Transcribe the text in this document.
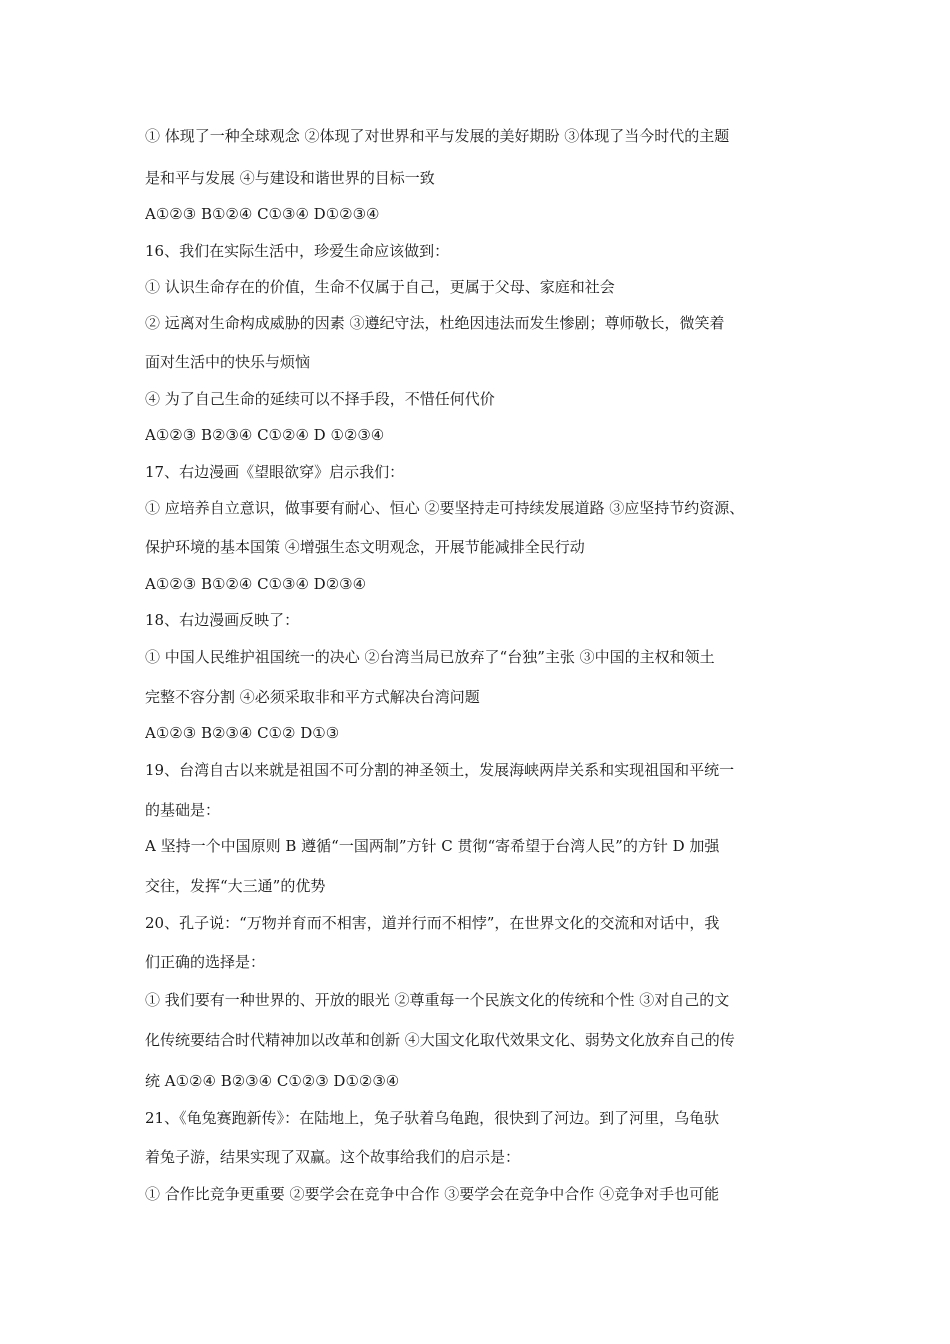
① 体现了一种全球观念 ②体现了对世界和平与发展的美好期盼 ③体现了当今时代的主题
是和平与发展 ④与建设和谐世界的目标一致
A①②③ B①②④ C①③④ D①②③④
16、我们在实际生活中，珍爱生命应该做到：
① 认识生命存在的价值，生命不仅属于自己，更属于父母、家庭和社会
② 远离对生命构成威胁的因素 ③遵纪守法，杜绝因违法而发生惨剧；尊师敬长，微笑着
面对生活中的快乐与烦恼
④ 为了自己生命的延续可以不择手段，不惜任何代价
A①②③ B②③④ C①②④ D ①②③④
17、右边漫画《望眼欲穿》启示我们：
① 应培养自立意识，做事要有耐心、恒心 ②要坚持走可持续发展道路 ③应坚持节约资源、
保护环境的基本国策 ④增强生态文明观念，开展节能减排全民行动
A①②③ B①②④ C①③④ D②③④
18、右边漫画反映了：
① 中国人民维护祖国统一的决心 ②台湾当局已放弃了“台独”主张 ③中国的主权和领土
完整不容分割 ④必须采取非和平方式解决台湾问题
A①②③ B②③④ C①② D①③
19、台湾自古以来就是祖国不可分割的神圣领土，发展海峡两岸关系和实现祖国和平统一
的基础是：
A 坚持一个中国原则 B 遵循“一国两制”方针 C 贯彻“寄希望于台湾人民”的方针 D 加强
交往，发挥“大三通”的优势
20、孔子说：“万物并育而不相害，道并行而不相悖”，在世界文化的交流和对话中，我
们正确的选择是：
① 我们要有一种世界的、开放的眼光 ②尊重每一个民族文化的传统和个性 ③对自己的文
化传统要结合时代精神加以改革和创新 ④大国文化取代效果文化、弱势文化放弃自己的传
统 A①②④ B②③④ C①②③ D①②③④
21、《龟兔赛跑新传》：在陆地上，兔子驮着乌龟跑，很快到了河边。到了河里，乌龟驮
着兔子游，结果实现了双赢。这个故事给我们的启示是：
① 合作比竞争更重要 ②要学会在竞争中合作 ③要学会在竞争中合作 ④竞争对手也可能
